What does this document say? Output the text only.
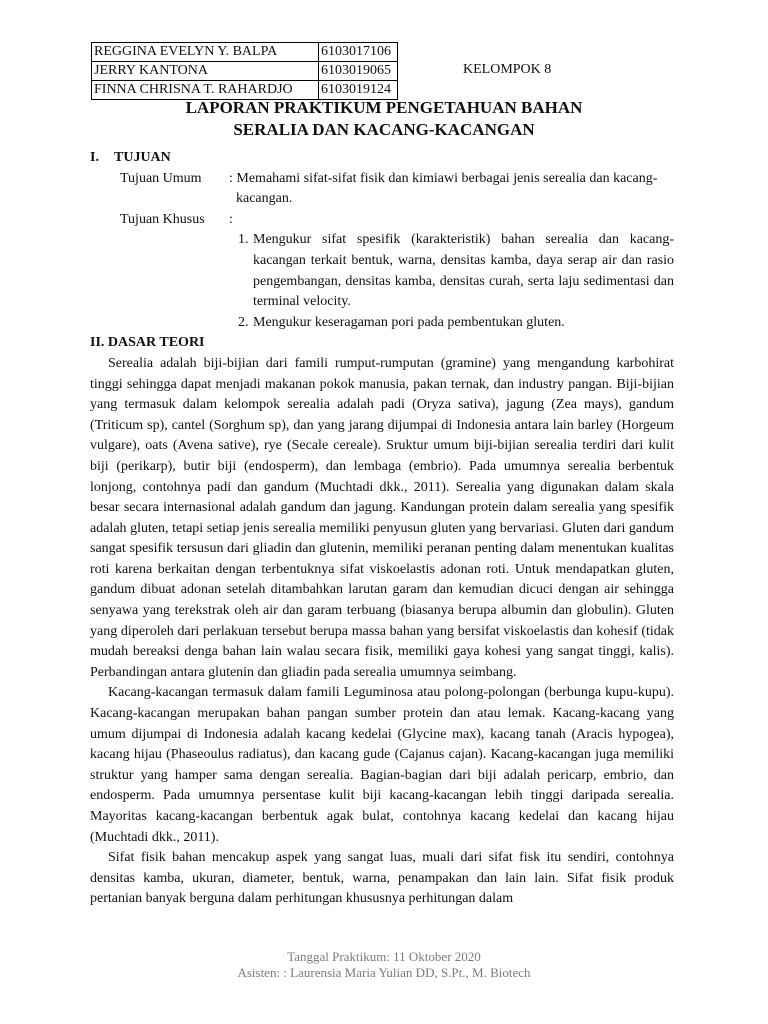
REGGINA EVELYN Y. BALPA	6103017106
JERRY KANTONA	6103019065
FINNA CHRISNA T. RAHARDJO	6103019124
KELOMPOK 8
LAPORAN PRAKTIKUM PENGETAHUAN BAHAN
SERALIA DAN KACANG-KACANGAN
I. TUJUAN
Tujuan Umum : Memahami sifat-sifat fisik dan kimiawi berbagai jenis serealia dan kacang-kacangan.
Tujuan Khusus :
1. Mengukur sifat spesifik (karakteristik) bahan serealia dan kacang-kacangan terkait bentuk, warna, densitas kamba, daya serap air dan rasio pengembangan, densitas kamba, densitas curah, serta laju sedimentasi dan terminal velocity.
2. Mengukur keseragaman pori pada pembentukan gluten.
II. DASAR TEORI

Serealia adalah biji-bijian dari famili rumput-rumputan (gramine) yang mengandung karbohirat tinggi sehingga dapat menjadi makanan pokok manusia, pakan ternak, dan industry pangan. Biji-bijian yang termasuk dalam kelompok serealia adalah padi (Oryza sativa), jagung (Zea mays), gandum (Triticum sp), cantel (Sorghum sp), dan yang jarang dijumpai di Indonesia antara lain barley (Horgeum vulgare), oats (Avena sative), rye (Secale cereale). Sruktur umum biji-bijian serealia terdiri dari kulit biji (perikarp), butir biji (endosperm), dan lembaga (embrio). Pada umumnya serealia berbentuk lonjong, contohnya padi dan gandum (Muchtadi dkk., 2011). Serealia yang digunakan dalam skala besar secara internasional adalah gandum dan jagung. Kandungan protein dalam serealia yang spesifik adalah gluten, tetapi setiap jenis serealia memiliki penyusun gluten yang bervariasi. Gluten dari gandum sangat spesifik tersusun dari gliadin dan glutenin, memiliki peranan penting dalam menentukan kualitas roti karena berkaitan dengan terbentuknya sifat viskoelastis adonan roti. Untuk mendapatkan gluten, gandum dibuat adonan setelah ditambahkan larutan garam dan kemudian dicuci dengan air sehingga senyawa yang terekstrak oleh air dan garam terbuang (biasanya berupa albumin dan globulin). Gluten yang diperoleh dari perlakuan tersebut berupa massa bahan yang bersifat viskoelastis dan kohesif (tidak mudah bereaksi denga bahan lain walau secara fisik, memiliki gaya kohesi yang sangat tinggi, kalis). Perbandingan antara glutenin dan gliadin pada serealia umumnya seimbang.

Kacang-kacangan termasuk dalam famili Leguminosa atau polong-polongan (berbunga kupu-kupu). Kacang-kacangan merupakan bahan pangan sumber protein dan atau lemak. Kacang-kacang yang umum dijumpai di Indonesia adalah kacang kedelai (Glycine max), kacang tanah (Aracis hypogea), kacang hijau (Phaseoulus radiatus), dan kacang gude (Cajanus cajan). Kacang-kacangan juga memiliki struktur yang hamper sama dengan serealia. Bagian-bagian dari biji adalah pericarp, embrio, dan endosperm. Pada umumnya persentase kulit biji kacang-kacangan lebih tinggi daripada serealia. Mayoritas kacang-kacangan berbentuk agak bulat, contohnya kacang kedelai dan kacang hijau (Muchtadi dkk., 2011).

Sifat fisik bahan mencakup aspek yang sangat luas, muali dari sifat fisk itu sendiri, contohnya densitas kamba, ukuran, diameter, bentuk, warna, penampakan dan lain lain. Sifat fisik produk pertanian banyak berguna dalam perhitungan khususnya perhitungan dalam

Tanggal Praktikum: 11 Oktober 2020
Asisten: : Laurensia Maria Yulian DD, S.Pt., M. Biotech
